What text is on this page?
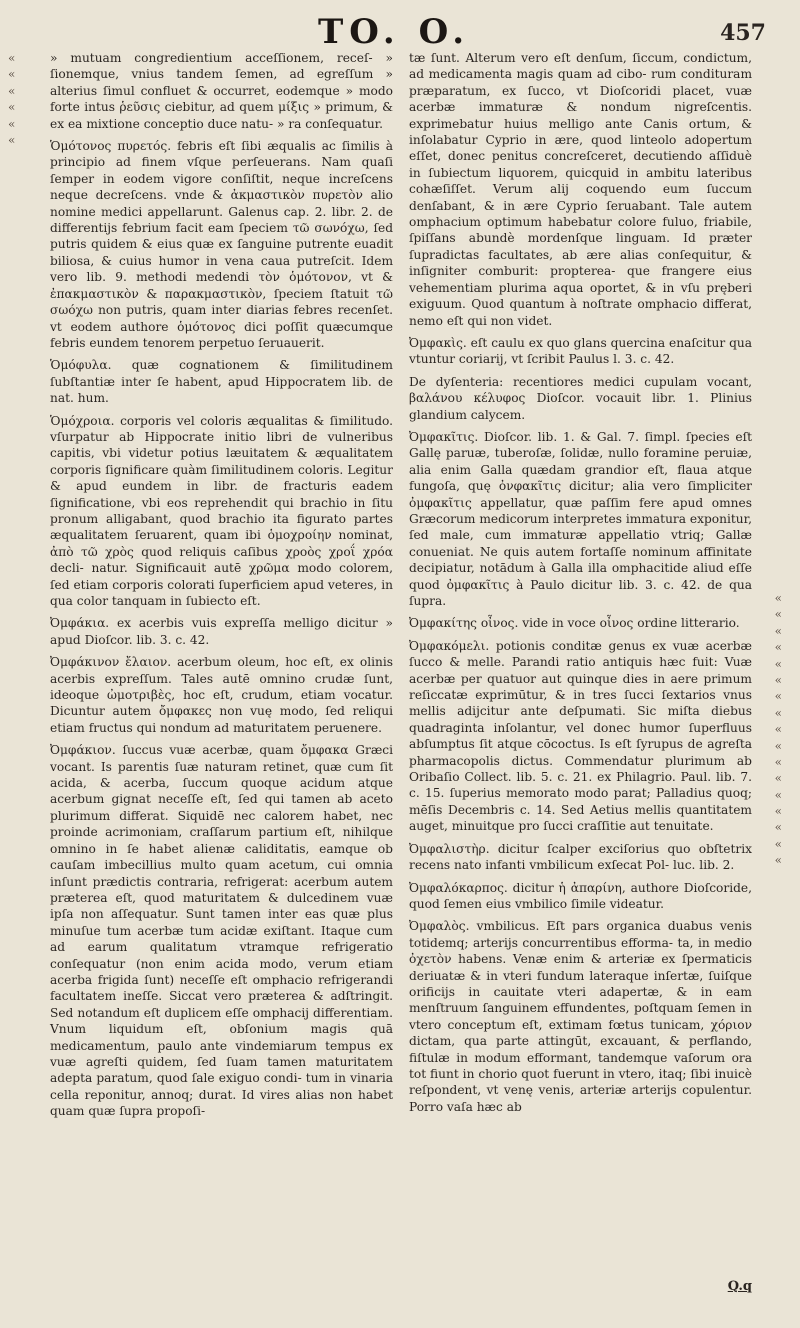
TO. O.	457
«
«
«
«
«
«

» mutuam congredientium acceſſionem, receſ- » ſionemque, vnius tandem ſemen, ad egreſſum » alterius ſimul confluet & occurret, eodemque » modo forte intus ῥεῦσις ciebitur, ad quem μίξις » primum, & ex ea mixtione conceptio duce natu- » ra conſequatur.

Ὁμότονος πυρετός. febris eſt ſibi æqualis ac ſimilis à principio ad finem vſque perſeuerans. Nam quaſi ſemper in eodem vigore conſiſtit, neque increſcens neque decreſcens. vnde & ἀκμαστικὸν πυρετὸν alio nomine medici appellarunt. Galenus cap. 2. libr. 2. de differentijs febrium facit eam ſpeciem τῶ σωνόχω, ſed putris quidem & eius quæ ex ſanguine putrente euadit biliosa, & cuius humor in vena caua putreſcit. Idem vero lib. 9. methodi medendi τὸν ὁμότονον, vt & ἐπακμαστικὸν & παρακμαστικὸν, ſpeciem ſtatuit τῶ σωόχω non putris, quam inter diarias febres recenſet. vt eodem authore ὁμότονος dici poſſit quæcumque febris eundem tenorem perpetuo ſeruauerit.

Ὁμόφυλα. quæ cognationem & ſimilitudinem ſubſtantiæ inter ſe habent, apud Hippocratem lib. de nat. hum.

Ὁμόχροια. corporis vel coloris æqualitas & ſimilitudo. vſurpatur ab Hippocrate initio libri de vulneribus capitis, vbi videtur potius læuitatem & æqualitatem corporis ſignificare quàm ſimilitudinem coloris. Legitur & apud eundem in libr. de fracturis eadem ſignificatione, vbi eos reprehendit qui brachio in ſitu pronum alligabant, quod brachio ita figurato partes æqualitatem ſeruarent, quam ibi ὁμοχροίην nominat, ἀπὸ τῶ χρὸς quod reliquis caſibus χροὸς χροΐ χρόα decli- natur. Significauit autē χρῶμα modo colorem, ſed etiam corporis colorati ſuperficiem apud veteres, in qua color tanquam in ſubiecto eſt.

Ὀμφάκια. ex acerbis vuis expreſſa melligo dicitur » apud Dioſcor. lib. 3. c. 42.

Ὀμφάκινον ἔλαιον. acerbum oleum, hoc eſt, ex olinis acerbis expreſſum. Tales autē omnino crudæ ſunt, ideoque ὠμοτριβὲς, hoc eſt, crudum, etiam vocatur. Dicuntur autem ὄμφακες non vuę modo, ſed reliqui etiam fructus qui nondum ad maturitatem peruenere.

Ὀμφάκιον. ſuccus vuæ acerbæ, quam ὄμφακα Græci vocant. Is parentis ſuæ naturam retinet, quæ cum ſit acida, & acerba, ſuccum quoque acidum atque acerbum gignat neceſſe eſt, ſed qui tamen ab aceto plurimum differat. Siquidē nec calorem habet, nec proinde acrimoniam, craſſarum partium eſt, nihilque omnino in ſe habet alienæ caliditatis, eamque ob cauſam imbecillius multo quam acetum, cui omnia inſunt prædictis contraria, refrigerat: acerbum autem præterea eſt, quod maturitatem & dulcedinem vuæ ipſa non aſſequatur. Sunt tamen inter eas quæ plus minuſue tum acerbæ tum acidæ exiſtant. Itaque cum ad earum qualitatum vtramque refrigeratio conſequatur (non enim acida modo, verum etiam acerba frigida ſunt) neceſſe eſt omphacio refrigerandi facultatem ineſſe. Siccat vero præterea & adſtringit. Sed notandum eſt duplicem eſſe omphacij differentiam. Vnum liquidum eſt, obſonium magis quā medicamentum, paulo ante vindemiarum tempus ex vuæ agreſti quidem, ſed ſuam tamen maturitatem adepta paratum, quod ſale exiguo condi- tum in vinaria cella reponitur, annoq; durat. Id vires alias non habet quam quæ ſupra propoſi-

«
«
«
«
«
«
«
«
«
«
«
«
«
«
«
«
«

tæ ſunt. Alterum vero eſt denſum, ſiccum, condictum, ad medicamenta magis quam ad cibo- rum condituram præparatum, ex ſucco, vt Dioſcoridi placet, vuæ acerbæ immaturæ & nondum nigreſcentis. exprimebatur huius melligo ante Canis ortum, & inſolabatur Cyprio in ære, quod linteolo adopertum eſſet, donec penitus concreſceret, decutiendo aſſiduè in ſubiectum liquorem, quicquid in ambitu lateribus cohæſiſſet. Verum alij coquendo eum ſuccum denſabant, & in ære Cyprio ſeruabant. Tale autem omphacium optimum habebatur colore fuluo, friabile, ſpiſſans abundè mordenſque linguam. Id præter ſupradictas facultates, ab ære alias conſequitur, & inſigniter comburit: propterea- que frangere eius vehementiam plurima aqua oportet, & in vſu pręberi exiguum. Quod quantum à noſtrate omphacio differat, nemo eſt qui non videt.

Ὀμφακὶς. eſt caulu ex quo glans quercina enaſcitur qua vtuntur coriarij, vt ſcribit Paulus l. 3. c. 42.

De dyſenteria: recentiores medici cupulam vocant, βαλάνου κέλυφος Dioſcor. vocauit libr. 1. Plinius glandium calycem.

Ὀμφακῖτις. Dioſcor. lib. 1. & Gal. 7. ſimpl. ſpecies eſt Gallę paruæ, tuberoſæ, ſolidæ, nullo foramine peruiæ, alia enim Galla quædam grandior eſt, flaua atque fungoſa, quę ὀνφακῖτις dicitur; alia vero ſimpliciter ὀμφακῖτις appellatur, quæ paſſim fere apud omnes Græcorum medicorum interpretes immatura exponitur, ſed male, cum immaturæ appellatio vtriq; Gallæ conueniat. Ne quis autem fortaſſe nominum affinitate decipiatur, notādum à Galla illa omphacitide aliud eſſe quod ὀμφακῖτις à Paulo dicitur lib. 3. c. 42. de qua ſupra.

Ὀμφακίτης οἶνος. vide in voce οἶνος ordine litterario.

Ὀμφακόμελι. potionis conditæ genus ex vuæ acerbæ ſucco & melle. Parandi ratio antiquis hæc fuit: Vuæ acerbæ per quatuor aut quinque dies in aere primum reſiccatæ exprimūtur, & in tres ſucci ſextarios vnus mellis adijcitur ante deſpumati. Sic miſta diebus quadraginta inſolantur, vel donec humor ſuperfluus abſumptus ſit atque cōcoctus. Is eſt ſyrupus de agreſta pharmacopolis dictus. Commendatur plurimum ab Oribaſio Collect. lib. 5. c. 21. ex Philagrio. Paul. lib. 7. c. 15. ſuperius memorato modo parat; Palladius quoq; mēſis Decembris c. 14. Sed Aetius mellis quantitatem auget, minuitque pro ſucci craſſitie aut tenuitate.

Ὀμφαλιστὴρ. dicitur ſcalper exciſorius quo obſtetrix recens nato infanti vmbilicum exſecat Pol- luc. lib. 2.

Ὀμφαλόκαρπος. dicitur ἡ ἀπαρίνη, authore Dioſcoride, quod ſemen eius vmbilico ſimile videatur.

Ὀμφαλὸς. vmbilicus. Eſt pars organica duabus venis totidemq; arterijs concurrentibus efforma- ta, in medio ὀχετὸν habens. Venæ enim & arteriæ ex ſpermaticis deriuatæ & in vteri fundum lateraque inſertæ, ſuiſque orificijs in cauitate vteri adapertæ, & in eam menſtruum ſanguinem effundentes, poſtquam ſemen in vtero conceptum eſt, extimam fœtus tunicam, χόριον dictam, qua parte attingūt, excauant, & perflando, fiſtulæ in modum efformant, tandemque vaſorum ora tot fiunt in chorio quot fuerunt in vtero, itaq; ſibi inuicè reſpondent, vt venę venis, arteriæ arterijs copulentur. Porro vaſa hæc ab

Q.q
